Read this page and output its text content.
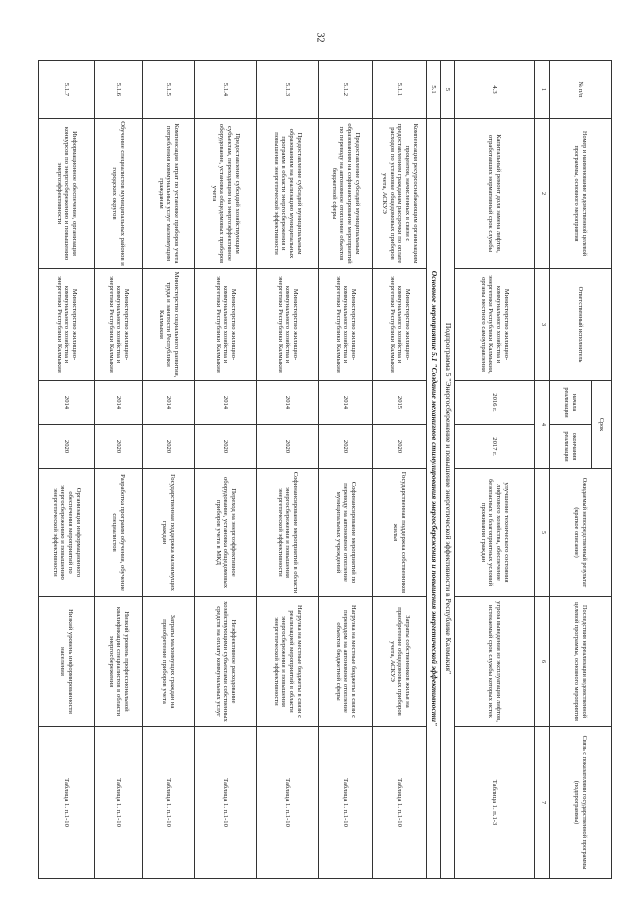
32
№ п/п	Номер и наименование ведомственной целевой программы, основного мероприятия	Ответственный исполнитель	Срок		Ожидаемый непосредственный результат (краткое описание)	Последствия нереализации ведомственной целевой программы, основного мероприятия	Связь с показателями государственной программы (подпрограммы)
			начала реализации	окончания реализации			
1	2	3	4		5	6	7
4.3	Капитальный ремонт доля замена лифтов, отработавших нормативный срок службы	Министерство жилищно-коммунального хозяйства и энергетики Республики Калмыкия, органы местного самоуправления	2016 г.	2017 г.	улучшение технического состояния лифтового хозяйства, обеспечение безопасных и благоприятных условий проживания граждан	угроза выведения из эксплуатации лифтов, истекаемый срок службы которых истек	Таблица 1. п.1-3
5	Подпрограмма 5 "Энергосбережение и повышение энергетической эффективности в Республике Калмыкия"						
5.1	Основное мероприятие 5.1 "Создание механизмов стимулирования энергосбережения и повышения энергетической эффективности"						
5.1.1	Компенсация ресурсоснабжающим организациям процентов, начисленных в связи с предоставлением гражданам рассрочки по оплате расходов по установке общедомовых приборов учета, АСКУЭ	Министерство жилищно-коммунального хозяйства и энергетики Республики Калмыкия	2015	2020	Государственная поддержка собственников жилья	Затраты собственников жилья на приобретение общедомовых приборов учета, АСКУЭ	Таблица 1. п.1-10
5.1.2	Предоставление субсидий муниципальным образованиям на софинансирование мероприятий по переводу на автономное отопление объектов бюджетной сферы	Министерство жилищно-коммунального хозяйства и энергетики Республики Калмыкия	2014	2020	Софинансирование мероприятий по переводу на автономное отопление муниципальных учреждений	Нагрузка на местные бюджеты в связи с переводом на автономное отопление объектов бюджетной сферы	Таблица 1. п.1-10
5.1.3	Предоставление субсидий муниципальным образованиям на реализацию муниципальных программ в области энергосбережения и повышения энергетической эффективности	Министерство жилищно-коммунального хозяйства и энергетики Республики Калмыкия	2014	2020	Софинансирование мероприятий в области энергосбережения и повышения энергетической эффективности	Нагрузка на местные бюджеты в связи с реализацией мероприятий в области энергосбережения и повышения энергетической эффективности	Таблица 1. п.1-10
5.1.4	Предоставление субсидий хозяйствующим субъектам, переходящим на энергоэффективное оборудование, установка общедомовых приборов учета	Министерство жилищно-коммунального хозяйства и энергетики Республики Калмыкия	2014	2020	Переход на энергоэффективное оборудование, установка общедомовых приборов учета в МКД	Неэффективное расходование хозяйствующими субъектами собственных средств на оплату коммунальных услуг	Таблица 1. п.1-10
5.1.5	Компенсация затрат по установке приборов учета потребления коммунальных услуг малоимущим гражданам	Министерство социального развития, труда и занятости Республики Калмыкия	2014	2020	Государственная поддержка малоимущих граждан	Затраты малоимущих граждан на приобретение приборов учета	Таблица 1. п.1-10
5.1.6	Обучение специалистов муниципальных районов и городских округов	Министерство жилищно-коммунального хозяйства и энергетики Республики Калмыкия	2014	2020	Разработка программ обучения, обучение специалистов	Низкий уровень профессиональной квалификации специалистов в области энергосбережения	Таблица 1. п.1-10
5.1.7	Информационное обеспечение, организация конкурсов по энергосбережению и повышению энергоэффективности	Министерство жилищно-коммунального хозяйства и энергетики Республики Калмыкия	2014	2020	Организация информационного обеспечения мероприятий по энергосбережению и повышению энергетической эффективности	Низкий уровень информированности населения	Таблица 1. п.1-10
